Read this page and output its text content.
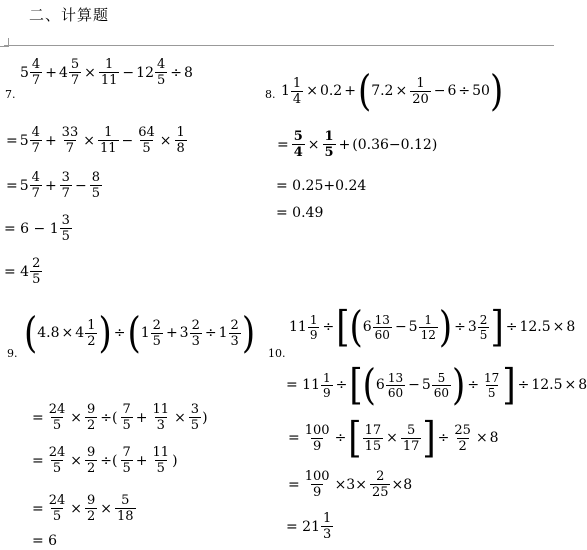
二、计算题
7.
$5 \frac{4}{7} + 4 \frac{5}{7} \times \frac{1}{11} - 12 \frac{4}{5} \div 8$
= $5 \frac{4}{7} + \frac{33}{7} \times \frac{1}{11} - \frac{64}{5} \times \frac{1}{8}$
= $5 \frac{4}{7} + \frac{3}{7} - \frac{8}{5}$
= $6 - 1 \frac{3}{5}$
= $4 \frac{2}{5}$
8. $1 \frac{1}{4} \times 0.2$ + ( $7.2 \times \frac{1}{20} - 6 \div 50$ )
= $\frac{5}{4} \times \frac{1}{5} + (0.36-0.12)$
= 0.25+0.24
= 0.49
9. ( $4.8 \times 4 \frac{1}{2}$ ) ÷ ( $1 \frac{2}{5} + 3 \frac{2}{3} \div 1 \frac{2}{3}$ )
= $\frac{24}{5} \times \frac{9}{2}$ ÷( $\frac{7}{5} + \frac{11}{3} \times \frac{3}{5}$ )
= $\frac{24}{5} \times \frac{9}{2}$ ÷( $\frac{7}{5} + \frac{11}{5}$ )
= $\frac{24}{5} \times \frac{9}{2} \times \frac{5}{18}$
= 6
10.
$11 \frac{1}{9}$ ÷ [ ( $6 \frac{13}{60} - 5 \frac{1}{12}$ ) ÷ $3 \frac{2}{5}$ ] ÷ 12.5 × 8
= $11 \frac{1}{9}$ ÷ [ ( $6 \frac{13}{60} - 5 \frac{5}{60}$ ) ÷ $\frac{17}{5}$ ] ÷ 12.5 × 8
= $\frac{100}{9}$ ÷ [ $\frac{17}{15} \times \frac{5}{17}$ ] ÷ $\frac{25}{2} \times 8$
= $\frac{100}{9} \times 3\times \frac{2}{25} \times 8$
= $21 \frac{1}{3}$
